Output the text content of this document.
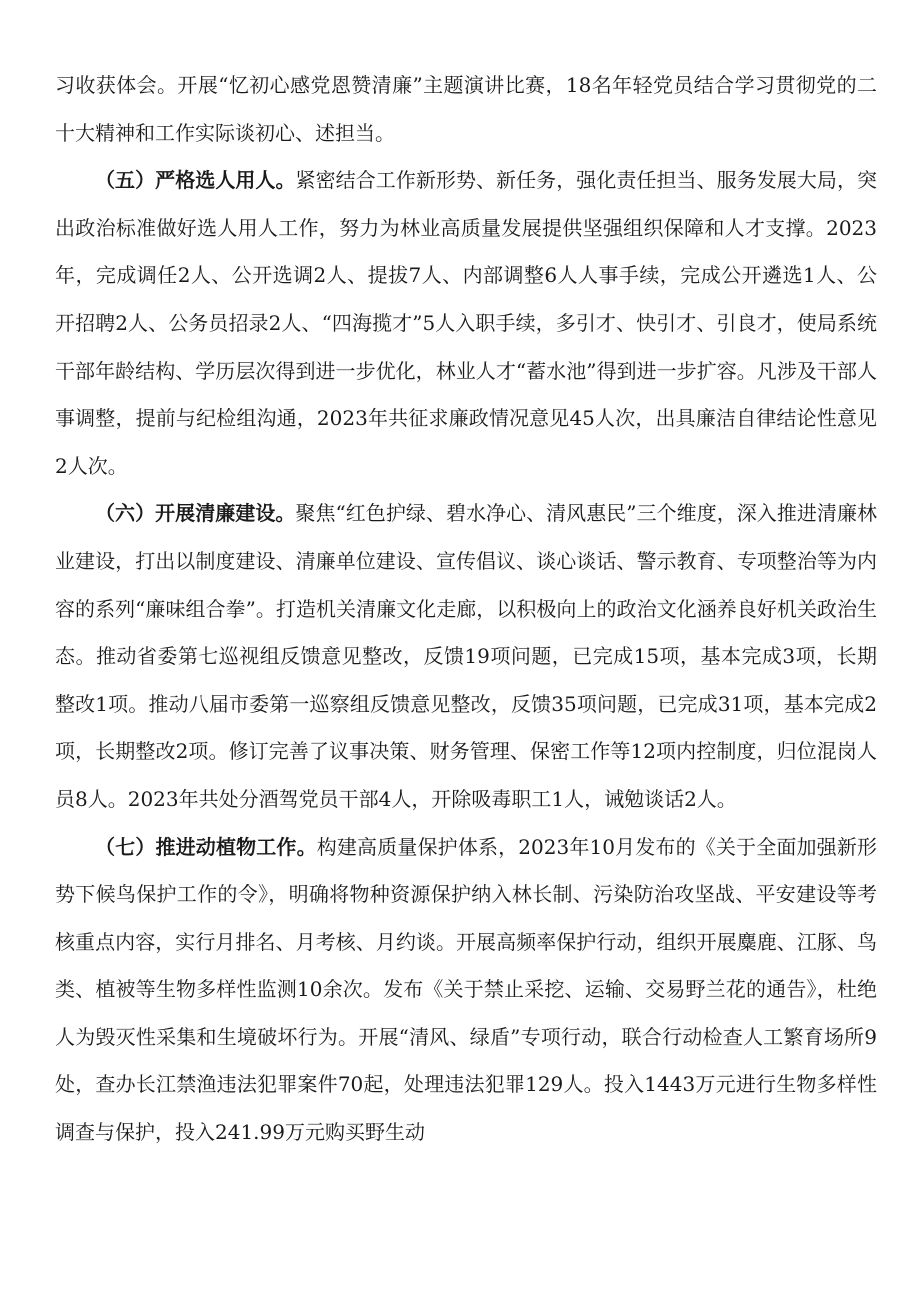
习收获体会。开展“忆初心感党恩赞清廉”主题演讲比赛，18名年轻党员结合学习贯彻党的二十大精神和工作实际谈初心、述担当。

（五）严格选人用人。紧密结合工作新形势、新任务，强化责任担当、服务发展大局，突出政治标准做好选人用人工作，努力为林业高质量发展提供坚强组织保障和人才支撑。2023年，完成调任2人、公开选调2人、提拔7人、内部调整6人人事手续，完成公开遴选1人、公开招聘2人、公务员招录2人、“四海揽才”5人入职手续，多引才、快引才、引良才，使局系统干部年龄结构、学历层次得到进一步优化，林业人才“蓄水池”得到进一步扩容。凡涉及干部人事调整，提前与纪检组沟通，2023年共征求廉政情况意见45人次，出具廉洁自律结论性意见2人次。

（六）开展清廉建设。聚焦“红色护绿、碧水净心、清风惠民”三个维度，深入推进清廉林业建设，打出以制度建设、清廉单位建设、宣传倡议、谈心谈话、警示教育、专项整治等为内容的系列“廉味组合拳”。打造机关清廉文化走廊，以积极向上的政治文化涵养良好机关政治生态。推动省委第七巡视组反馈意见整改，反馈19项问题，已完成15项，基本完成3项，长期整改1项。推动八届市委第一巡察组反馈意见整改，反馈35项问题，已完成31项，基本完成2项，长期整改2项。修订完善了议事决策、财务管理、保密工作等12项内控制度，归位混岗人员8人。2023年共处分酒驾党员干部4人，开除吸毒职工1人，诫勉谈话2人。

（七）推进动植物工作。构建高质量保护体系，2023年10月发布的《关于全面加强新形势下候鸟保护工作的令》，明确将物种资源保护纳入林长制、污染防治攻坚战、平安建设等考核重点内容，实行月排名、月考核、月约谈。开展高频率保护行动，组织开展麋鹿、江豚、鸟类、植被等生物多样性监测10余次。发布《关于禁止采挖、运输、交易野兰花的通告》，杜绝人为毁灭性采集和生境破坏行为。开展“清风、绿盾”专项行动，联合行动检查人工繁育场所9处，查办长江禁渔违法犯罪案件70起，处理违法犯罪129人。投入1443万元进行生物多样性调查与保护，投入241.99万元购买野生动
